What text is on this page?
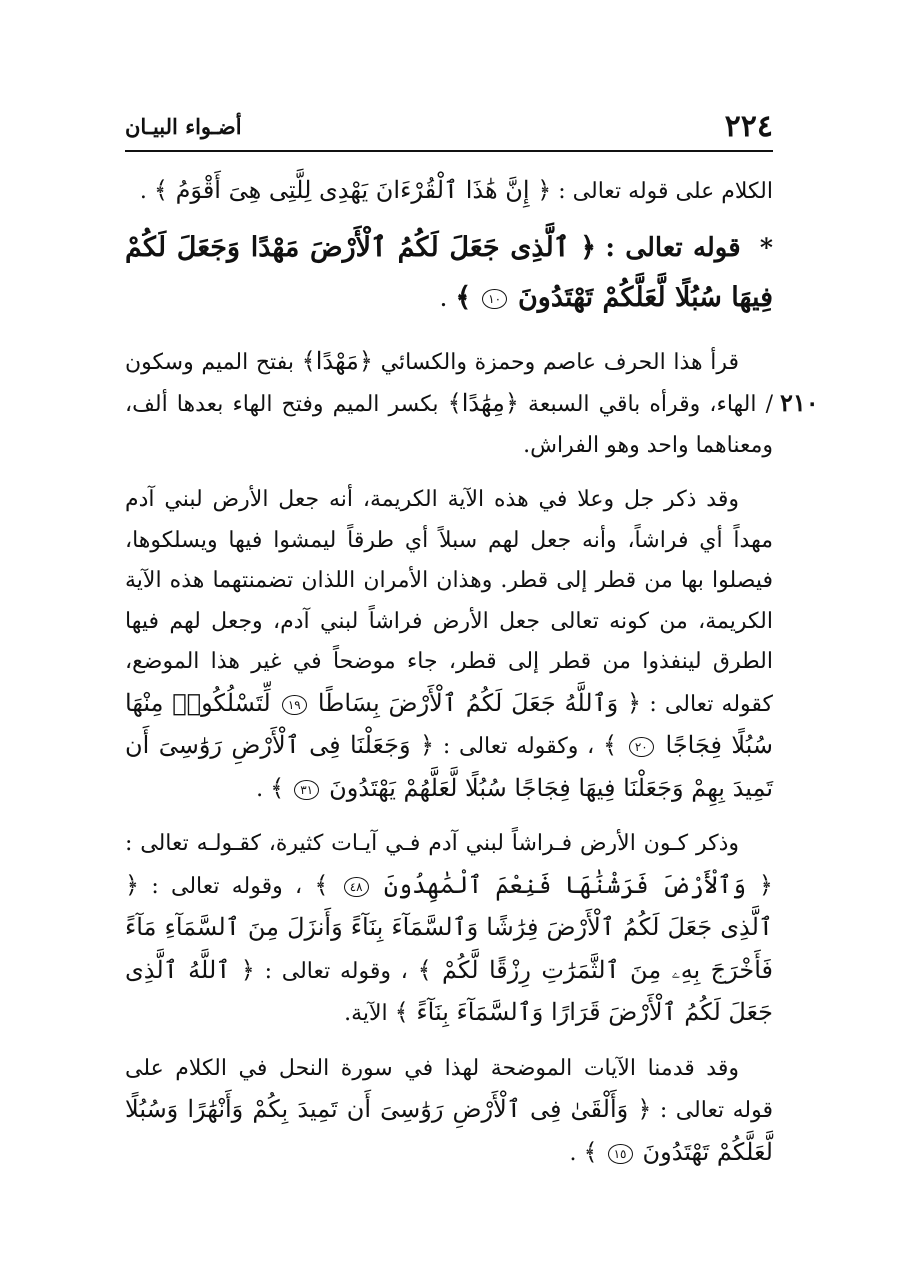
٢٢٤
أضـواء البيـان
٢١٠

الكلام على قوله تعالى : ﴿ إِنَّ هَٰذَا ٱلْقُرْءَانَ يَهْدِى لِلَّتِى هِىَ أَقْوَمُ ﴾ .

* قوله تعالى : ﴿ ٱلَّذِى جَعَلَ لَكُمُ ٱلْأَرْضَ مَهْدًا وَجَعَلَ لَكُمْ فِيهَا سُبُلًا لَّعَلَّكُمْ تَهْتَدُونَ ١٠ ﴾ .

قرأ هذا الحرف عاصم وحمزة والكسائي ﴿مَهْدًا﴾ بفتح الميم وسكون / الهاء، وقرأه باقي السبعة ﴿مِهَٰدًا﴾ بكسر الميم وفتح الهاء بعدها ألف، ومعناهما واحد وهو الفراش.

وقد ذكر جل وعلا في هذه الآية الكريمة، أنه جعل الأرض لبني آدم مهداً أي فراشاً، وأنه جعل لهم سبلاً أي طرقاً ليمشوا فيها ويسلكوها، فيصلوا بها من قطر إلى قطر. وهذان الأمران اللذان تضمنتهما هذه الآية الكريمة، من كونه تعالى جعل الأرض فراشاً لبني آدم، وجعل لهم فيها الطرق لينفذوا من قطر إلى قطر، جاء موضحاً في غير هذا الموضع، كقوله تعالى : ﴿ وَٱللَّهُ جَعَلَ لَكُمُ ٱلْأَرْضَ بِسَاطًا ١٩ لِّتَسْلُكُوا۟ مِنْهَا سُبُلًا فِجَاجًا ٢٠ ﴾ ، وكقوله تعالى : ﴿ وَجَعَلْنَا فِى ٱلْأَرْضِ رَوَٰسِىَ أَن تَمِيدَ بِهِمْ وَجَعَلْنَا فِيهَا فِجَاجًا سُبُلًا لَّعَلَّهُمْ يَهْتَدُونَ ٣١ ﴾ .

وذكر كـون الأرض فـراشاً لبني آدم فـي آيـات كثيرة، كقـولـه تعالى : ﴿ وَٱلْأَرْضَ فَرَشْنَٰهَا فَنِعْمَ ٱلْمَٰهِدُونَ ٤٨ ﴾ ، وقوله تعالى : ﴿ ٱلَّذِى جَعَلَ لَكُمُ ٱلْأَرْضَ فِرَٰشًا وَٱلسَّمَآءَ بِنَآءً وَأَنزَلَ مِنَ ٱلسَّمَآءِ مَآءً فَأَخْرَجَ بِهِۦ مِنَ ٱلثَّمَرَٰتِ رِزْقًا لَّكُمْ ﴾ ، وقوله تعالى : ﴿ ٱللَّهُ ٱلَّذِى جَعَلَ لَكُمُ ٱلْأَرْضَ قَرَارًا وَٱلسَّمَآءَ بِنَآءً ﴾ الآية.

وقد قدمنا الآيات الموضحة لهذا في سورة النحل في الكلام على قوله تعالى : ﴿ وَأَلْقَىٰ فِى ٱلْأَرْضِ رَوَٰسِىَ أَن تَمِيدَ بِكُمْ وَأَنْهَٰرًا وَسُبُلًا لَّعَلَّكُمْ تَهْتَدُونَ ١٥ ﴾ .
